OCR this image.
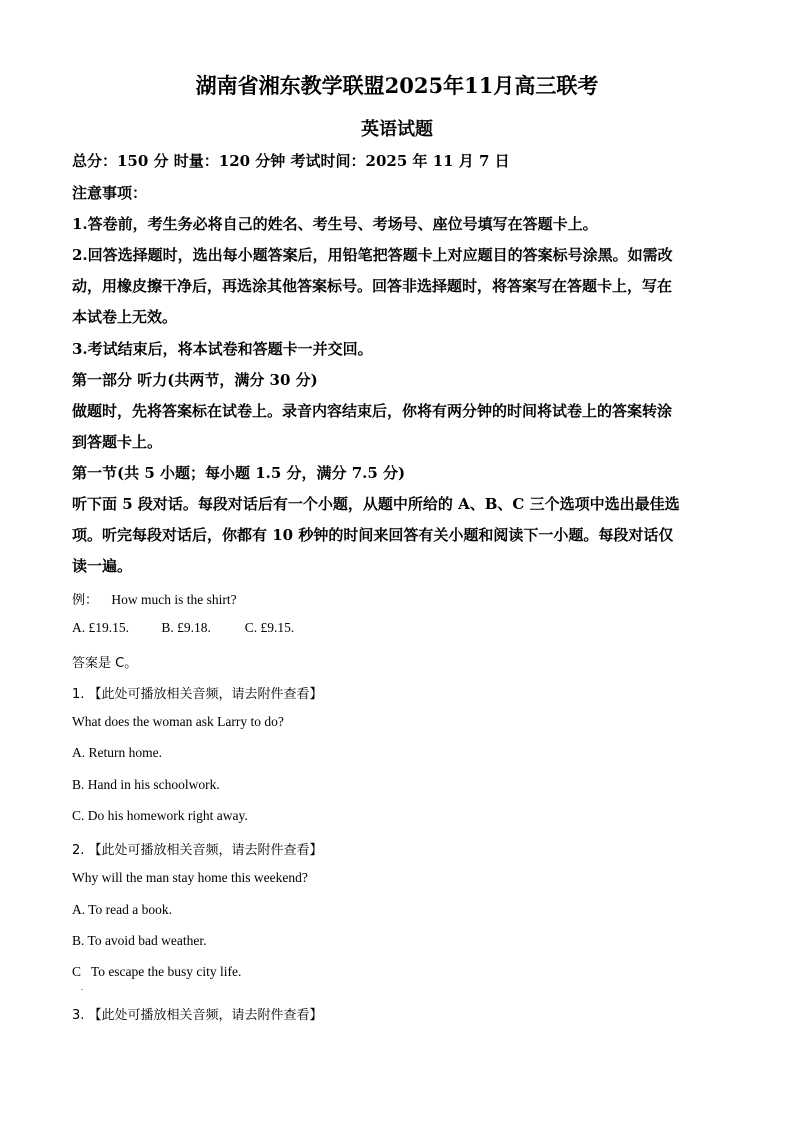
湖南省湘东教学联盟2025年11月高三联考
英语试题
总分：150 分 时量：120 分钟 考试时间：2025 年 11 月 7 日
注意事项：
1.答卷前，考生务必将自己的姓名、考生号、考场号、座位号填写在答题卡上。
2.回答选择题时，选出每小题答案后，用铅笔把答题卡上对应题目的答案标号涂黑。如需改
动，用橡皮擦干净后，再选涂其他答案标号。回答非选择题时，将答案写在答题卡上，写在
本试卷上无效。
3.考试结束后，将本试卷和答题卡一并交回。
第一部分 听力(共两节，满分 30 分)
做题时，先将答案标在试卷上。录音内容结束后，你将有两分钟的时间将试卷上的答案转涂
到答题卡上。
第一节(共 5 小题；每小题 1.5 分，满分 7.5 分)
听下面 5 段对话。每段对话后有一个小题，从题中所给的 A、B、C 三个选项中选出最佳选
项。听完每段对话后，你都有 10 秒钟的时间来回答有关小题和阅读下一小题。每段对话仅
读一遍。
例： How much is the shirt?
A. £19.15. B. £9.18.	C. £9.15.
答案是 C。
1. 【此处可播放相关音频，请去附件查看】
What does the woman ask Larry to do?
A. Return home.
B. Hand in his schoolwork.
C. Do his homework right away.
2. 【此处可播放相关音频，请去附件查看】
Why will the man stay home this weekend?
A. To read a book.
B. To avoid bad weather.
C   To escape the busy city life.
.
3. 【此处可播放相关音频，请去附件查看】
